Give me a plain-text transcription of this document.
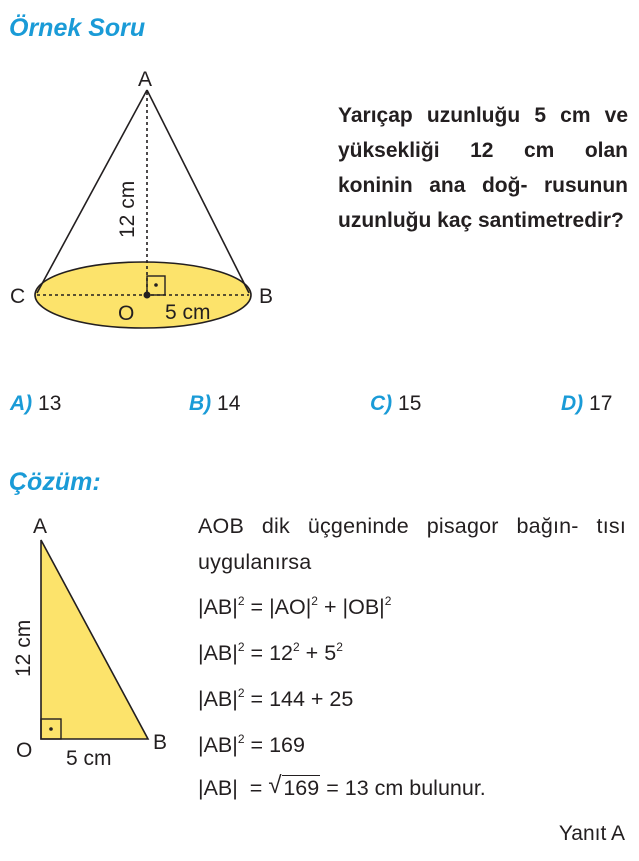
Örnek Soru
A
C	B
O 5 cm
12 cm
Yarıçap uzunluğu 5 cm ve yüksekliği 12 cm olan koninin ana doğ- rusunun uzunluğu kaç santimetredir?
A) 13	B) 14	C) 15	D) 17
Çözüm:
A
O	B
5 cm
12 cm
AOB dik üçgeninde pisagor bağın- tısı uygulanırsa
$|AB|^2 = |AO|^2 + |OB|^2$
$|AB|^2 = 12^2 + 5^2$
$|AB|^2 = 144 + 25$
$|AB|^2 = 169$
|AB|  = √ 169 = 13 cm bulunur.
Yanıt A
